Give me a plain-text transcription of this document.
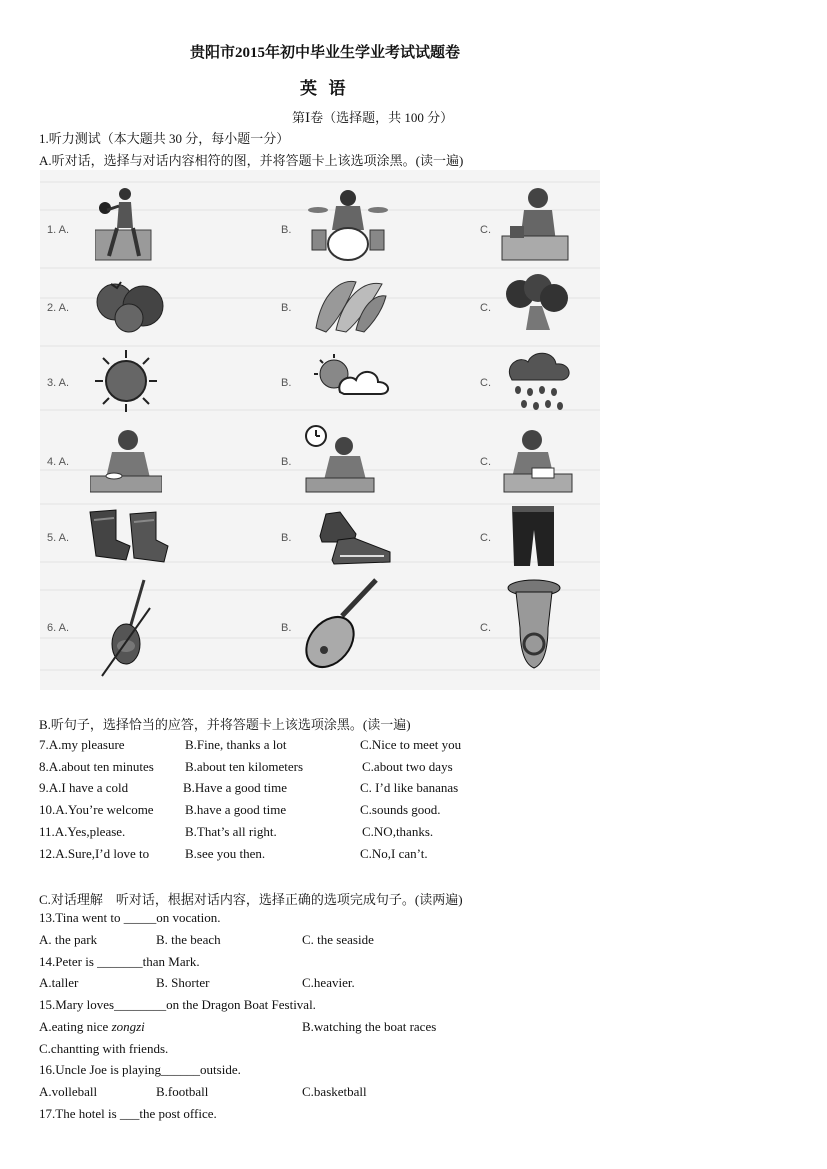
贵阳市2015年初中毕业生学业考试试题卷
英  语
第Ⅰ卷（选择题，共 100 分）
1.听力测试（本大题共 30 分，每小题一分）
A.听对话，选择与对话内容相符的图，并将答题卡上该选项涂黑。(读一遍)
1. A.	B.	C.
2. A.	B.	C.
3. A.	B.	C.
4. A.	B.	C.
5. A.	B.	C.
6. A.	B.	C.
B.听句子，选择恰当的应答，并将答题卡上该选项涂黑。(读一遍)
7.A.my pleasure	B.Fine, thanks a lot	C.Nice to meet you
8.A.about ten minutes B.about ten kilometers	C.about two days
9.A.I have a cold	B.Have a good time	C. I’d like bananas
10.A.You’re welcome B.have a good time	C.sounds good.
11.A.Yes,please.	B.That’s all right.	C.NO,thanks.
12.A.Sure,I’d love to	B.see you then.	C.No,I can’t.
C.对话理解　听对话，根据对话内容，选择正确的选项完成句子。(读两遍)
13.Tina went to _____on vocation.
A. the park	B. the beach	C. the seaside
14.Peter is _______than Mark.
A.taller	B. Shorter	C.heavier.
15.Mary loves________on the Dragon Boat Festival.
A.eating nice zongzi	B.watching the boat races
C.chantting with friends.
16.Uncle Joe is playing______outside.
A.volleball	B.football	C.basketball
17.The hotel is ___the post office.
